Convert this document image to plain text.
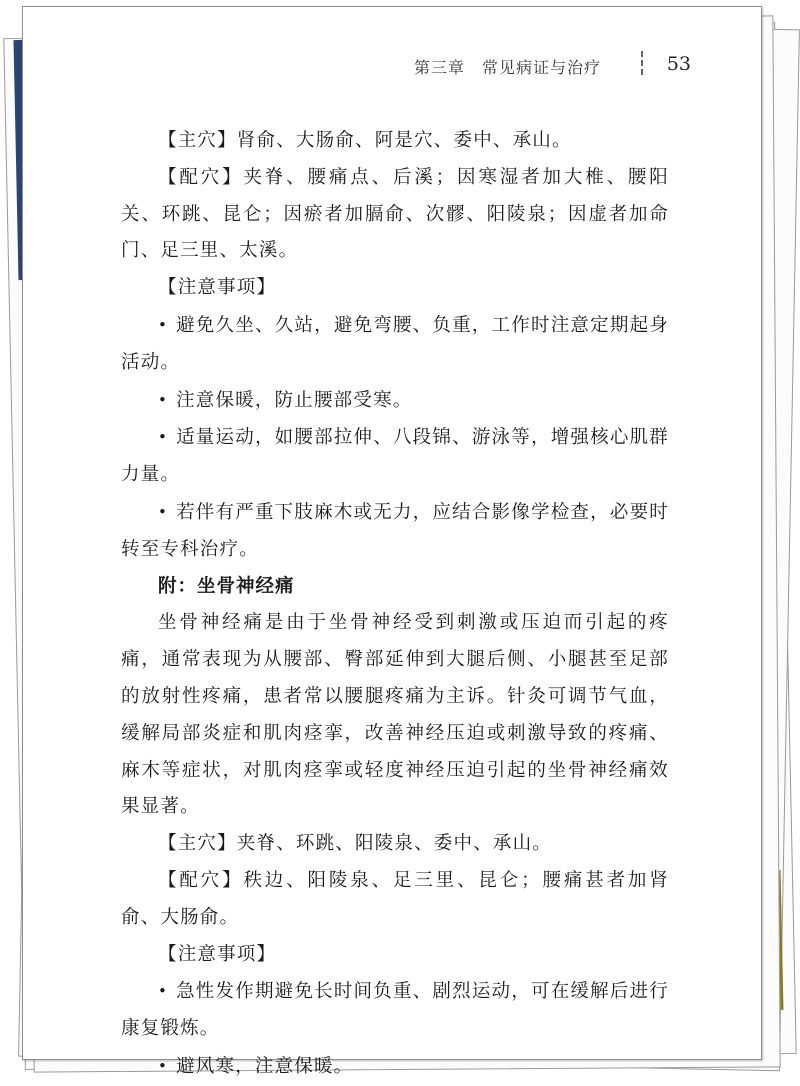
第三章　常见病证与治疗	53

【主穴】肾俞、大肠俞、阿是穴、委中、承山。

【配穴】夹脊、腰痛点、后溪；因寒湿者加大椎、腰阳关、环跳、昆仑；因瘀者加膈俞、次髎、阳陵泉；因虚者加命门、足三里、太溪。

【注意事项】

• 避免久坐、久站，避免弯腰、负重，工作时注意定期起身活动。

• 注意保暖，防止腰部受寒。

• 适量运动，如腰部拉伸、八段锦、游泳等，增强核心肌群力量。

• 若伴有严重下肢麻木或无力，应结合影像学检查，必要时转至专科治疗。

附：坐骨神经痛

坐骨神经痛是由于坐骨神经受到刺激或压迫而引起的疼痛，通常表现为从腰部、臀部延伸到大腿后侧、小腿甚至足部的放射性疼痛，患者常以腰腿疼痛为主诉。针灸可调节气血，缓解局部炎症和肌肉痉挛，改善神经压迫或刺激导致的疼痛、麻木等症状，对肌肉痉挛或轻度神经压迫引起的坐骨神经痛效果显著。

【主穴】夹脊、环跳、阳陵泉、委中、承山。

【配穴】秩边、阳陵泉、足三里、昆仑；腰痛甚者加肾俞、大肠俞。

【注意事项】

• 急性发作期避免长时间负重、剧烈运动，可在缓解后进行康复锻炼。

• 避风寒，注意保暖。
